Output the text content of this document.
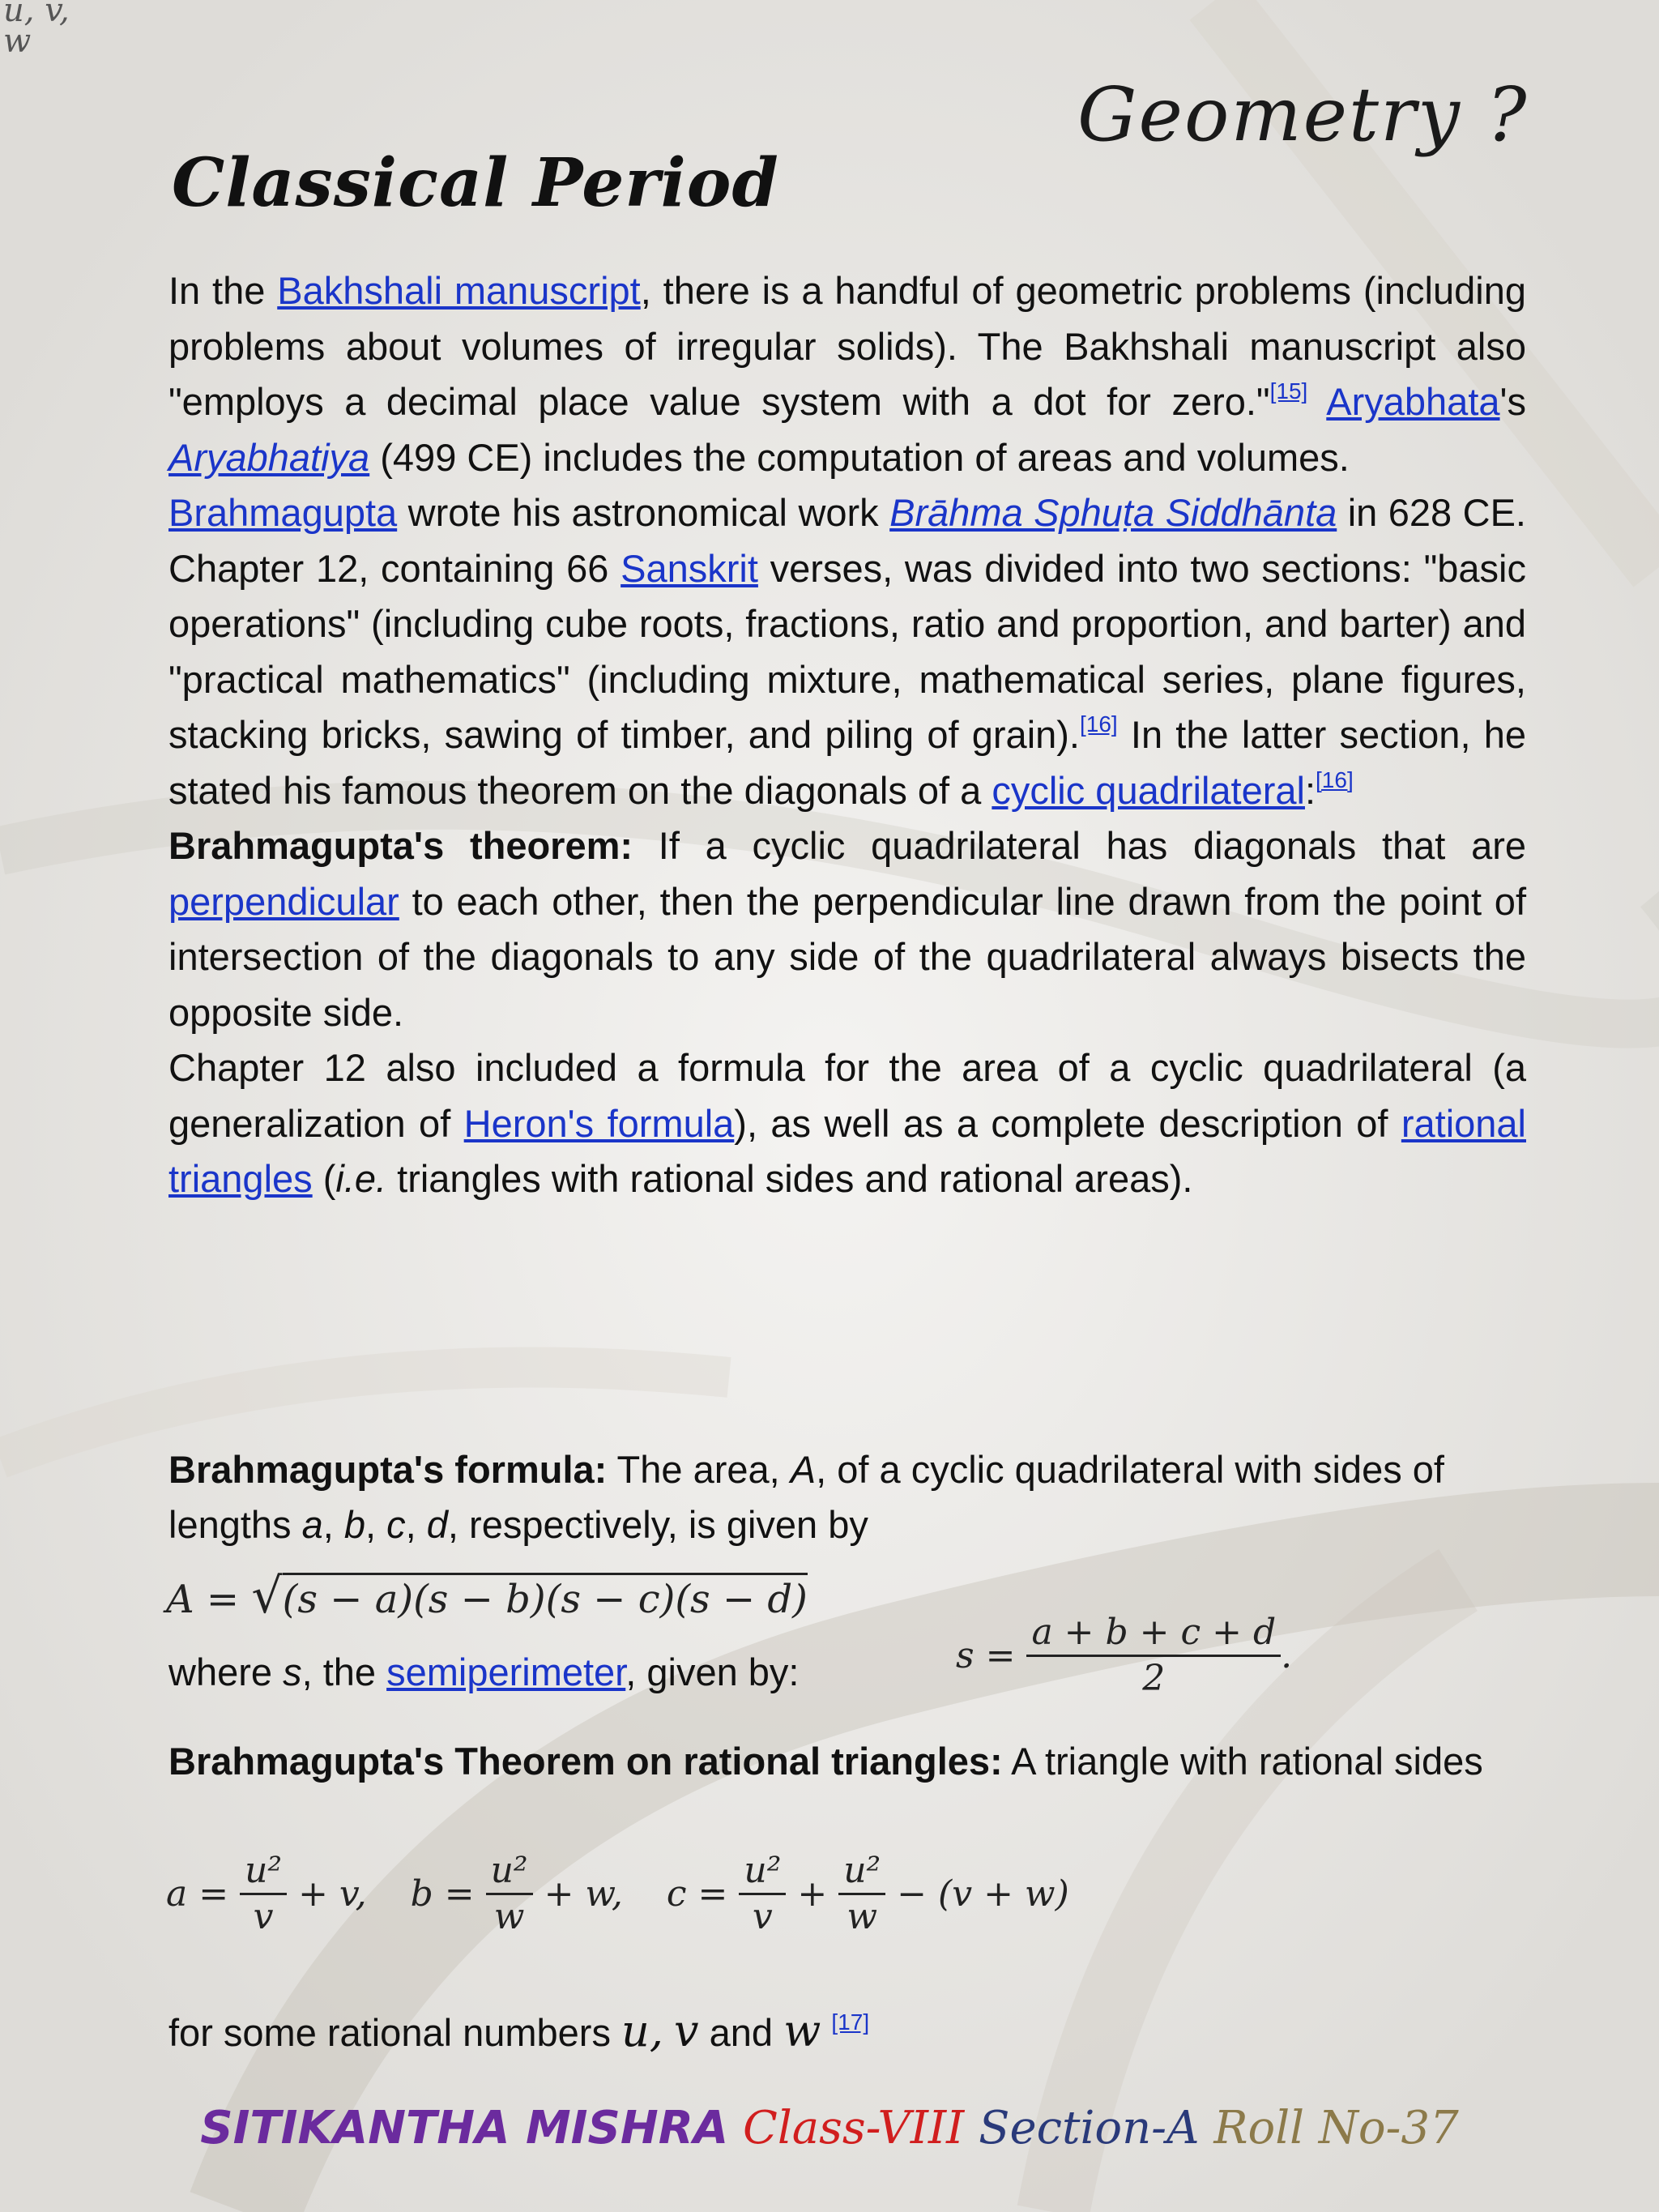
u, v,
w
Geometry ?
Classical Period

In the Bakhshali manuscript, there is a handful of geometric problems (including problems about volumes of irregular solids). The Bakhshali manuscript also "employs a decimal place value system with a dot for zero."[15] Aryabhata's Aryabhatiya (499 CE) includes the computation of areas and volumes.

Brahmagupta wrote his astronomical work Brāhma Sphuṭa Siddhānta in 628 CE. Chapter 12, containing 66 Sanskrit verses, was divided into two sections: "basic operations" (including cube roots, fractions, ratio and proportion, and barter) and "practical mathematics" (including mixture, mathematical series, plane figures, stacking bricks, sawing of timber, and piling of grain).[16] In the latter section, he stated his famous theorem on the diagonals of a cyclic quadrilateral:[16]

Brahmagupta's theorem: If a cyclic quadrilateral has diagonals that are perpendicular to each other, then the perpendicular line drawn from the point of intersection of the diagonals to any side of the quadrilateral always bisects the opposite side.

Chapter 12 also included a formula for the area of a cyclic quadrilateral (a generalization of Heron's formula), as well as a complete description of rational triangles (i.e. triangles with rational sides and rational areas).

Brahmagupta's formula: The area, A, of a cyclic quadrilateral with sides of lengths a, b, c, d, respectively, is given by
A = √(s − a)(s − b)(s − c)(s − d)
where s, the semiperimeter, given by:	$s = \frac{a + b + c + d}{2}$ .
Brahmagupta's Theorem on rational triangles: A triangle with rational sides
$a = \frac{\text{u²}}{v} + v$, $b = \frac{\text{u²}}{w} + w$, $c = \frac{\text{u²}}{v} + \frac{\text{u²}}{w} - (v + w)$
for some rational numbers u, v and w [17]
SITIKANTHA MISHRA Class-VIII Section-A Roll No-37
